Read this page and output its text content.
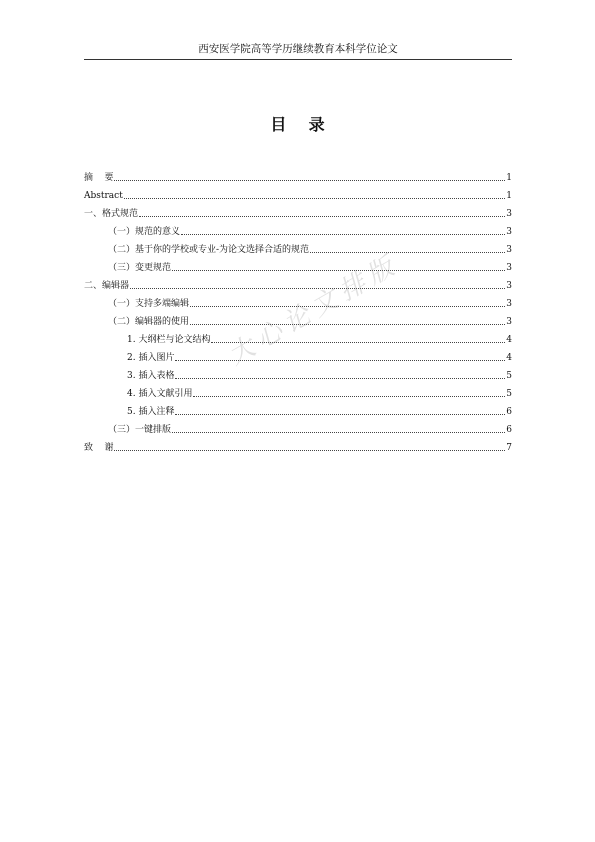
西安医学院高等学历继续教育本科学位论文
目    录
摘    要	1
Abstract	1
一、格式规范	3
（一）规范的意义	3
（二）基于你的学校或专业-为论文选择合适的规范	3
（三）变更规范	3
二、编辑器	3
（一）支持多端编辑	3
（二）编辑器的使用	3
1. 大纲栏与论文结构	4
2. 插入图片	4
3. 插入表格	5
4. 插入文献引用	5
5. 插入注释	6
（三）一键排版	6
致    谢	7
大心论文排版
